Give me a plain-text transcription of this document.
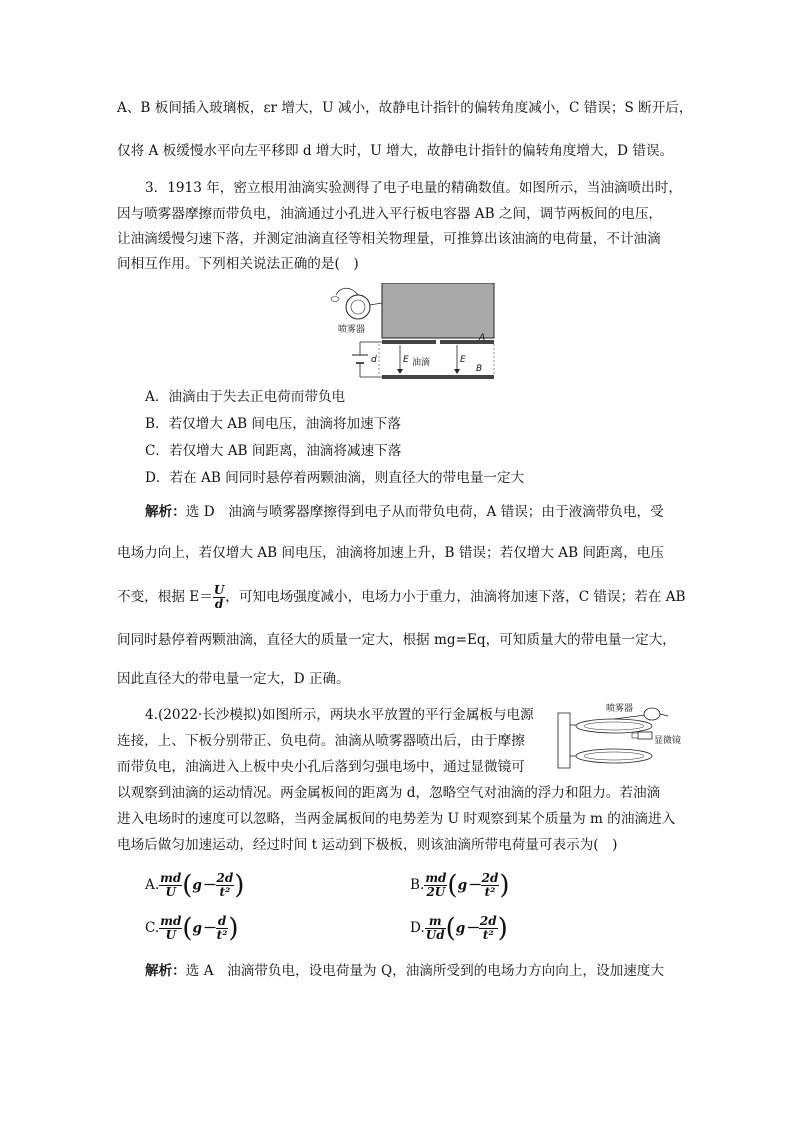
A、B 板间插入玻璃板，εr 增大，U 减小，故静电计指针的偏转角度减小，C 错误；S 断开后，
仅将 A 板缓慢水平向左平移即 d 增大时，U 增大，故静电计指针的偏转角度增大，D 错误。
3．1913 年，密立根用油滴实验测得了电子电量的精确数值。如图所示，当油滴喷出时，
因与喷雾器摩擦而带负电，油滴通过小孔进入平行板电容器 AB 之间，调节两板间的电压，
让油滴缓慢匀速下落，并测定油滴直径等相关物理量，可推算出该油滴的电荷量，不计油滴
间相互作用。下列相关说法正确的是(　)
喷雾器
A
d	E 油滴	E
B
A．油滴由于失去正电荷而带负电
B．若仅增大 AB 间电压，油滴将加速下落
C．若仅增大 AB 间距离，油滴将减速下落
D．若在 AB 间同时悬停着两颗油滴，则直径大的带电量一定大
解析：选 D　油滴与喷雾器摩擦得到电子从而带负电荷，A 错误；由于液滴带负电，受
电场力向上，若仅增大 AB 间电压，油滴将加速上升，B 错误；若仅增大 AB 间距离，电压
不变，根据 $E= \frac{U}{d}$ ，可知电场强度减小，电场力小于重力，油滴将加速下落，C 错误；若在 AB
间同时悬停着两颗油滴，直径大的质量一定大，根据 mg=Eq，可知质量大的带电量一定大，
因此直径大的带电量一定大，D 正确。
4.(2022·长沙模拟)如图所示，两块水平放置的平行金属板与电源
连接，上、下板分别带正、负电荷。油滴从喷雾器喷出后，由于摩擦
而带负电，油滴进入上板中央小孔后落到匀强电场中，通过显微镜可
喷雾器
显微镜
以观察到油滴的运动情况。两金属板间的距离为 d，忽略空气对油滴的浮力和阻力。若油滴
进入电场时的速度可以忽略，当两金属板间的电势差为 U 时观察到某个质量为 m 的油滴进入
电场后做匀加速运动，经过时间 t 运动到下极板，则该油滴所带电荷量可表示为(　)
A. $\frac{md}{U} (g- \frac{2d}{\text{t²}}$ )	B. $\frac{md}{2U} (g- \frac{2d}{\text{t²}}$ )
C. $\frac{md}{U} (g- \frac{d}{\text{t²}}$ )	D. $\frac{m}{Ud} (g- \frac{2d}{\text{t²}}$ )
解析：选 A　油滴带负电，设电荷量为 Q，油滴所受到的电场力方向向上，设加速度大
